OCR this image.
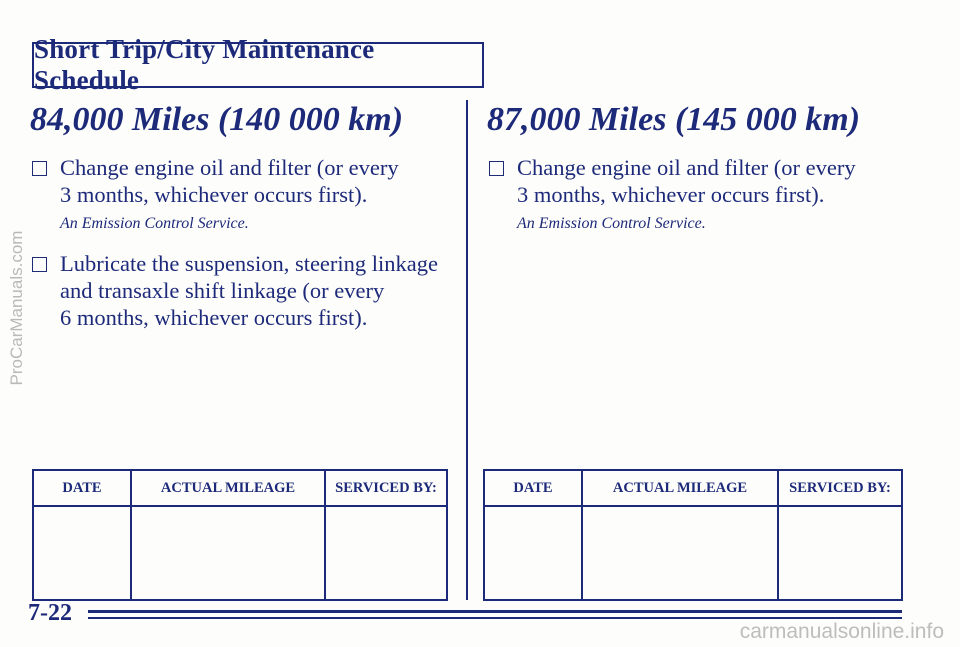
Short Trip/City Maintenance Schedule
84,000 Miles (140 000 km)
Change engine oil and filter (or every
3 months, whichever occurs first).
An Emission Control Service.
Lubricate the suspension, steering linkage
and transaxle shift linkage (or every
6 months, whichever occurs first).
87,000 Miles (145 000 km)
Change engine oil and filter (or every
3 months, whichever occurs first).
An Emission Control Service.
DATE	ACTUAL MILEAGE	SERVICED BY:
			DATE	ACTUAL MILEAGE	SERVICED BY:

7-22
ProCarManuals.com
carmanualsonline.info
